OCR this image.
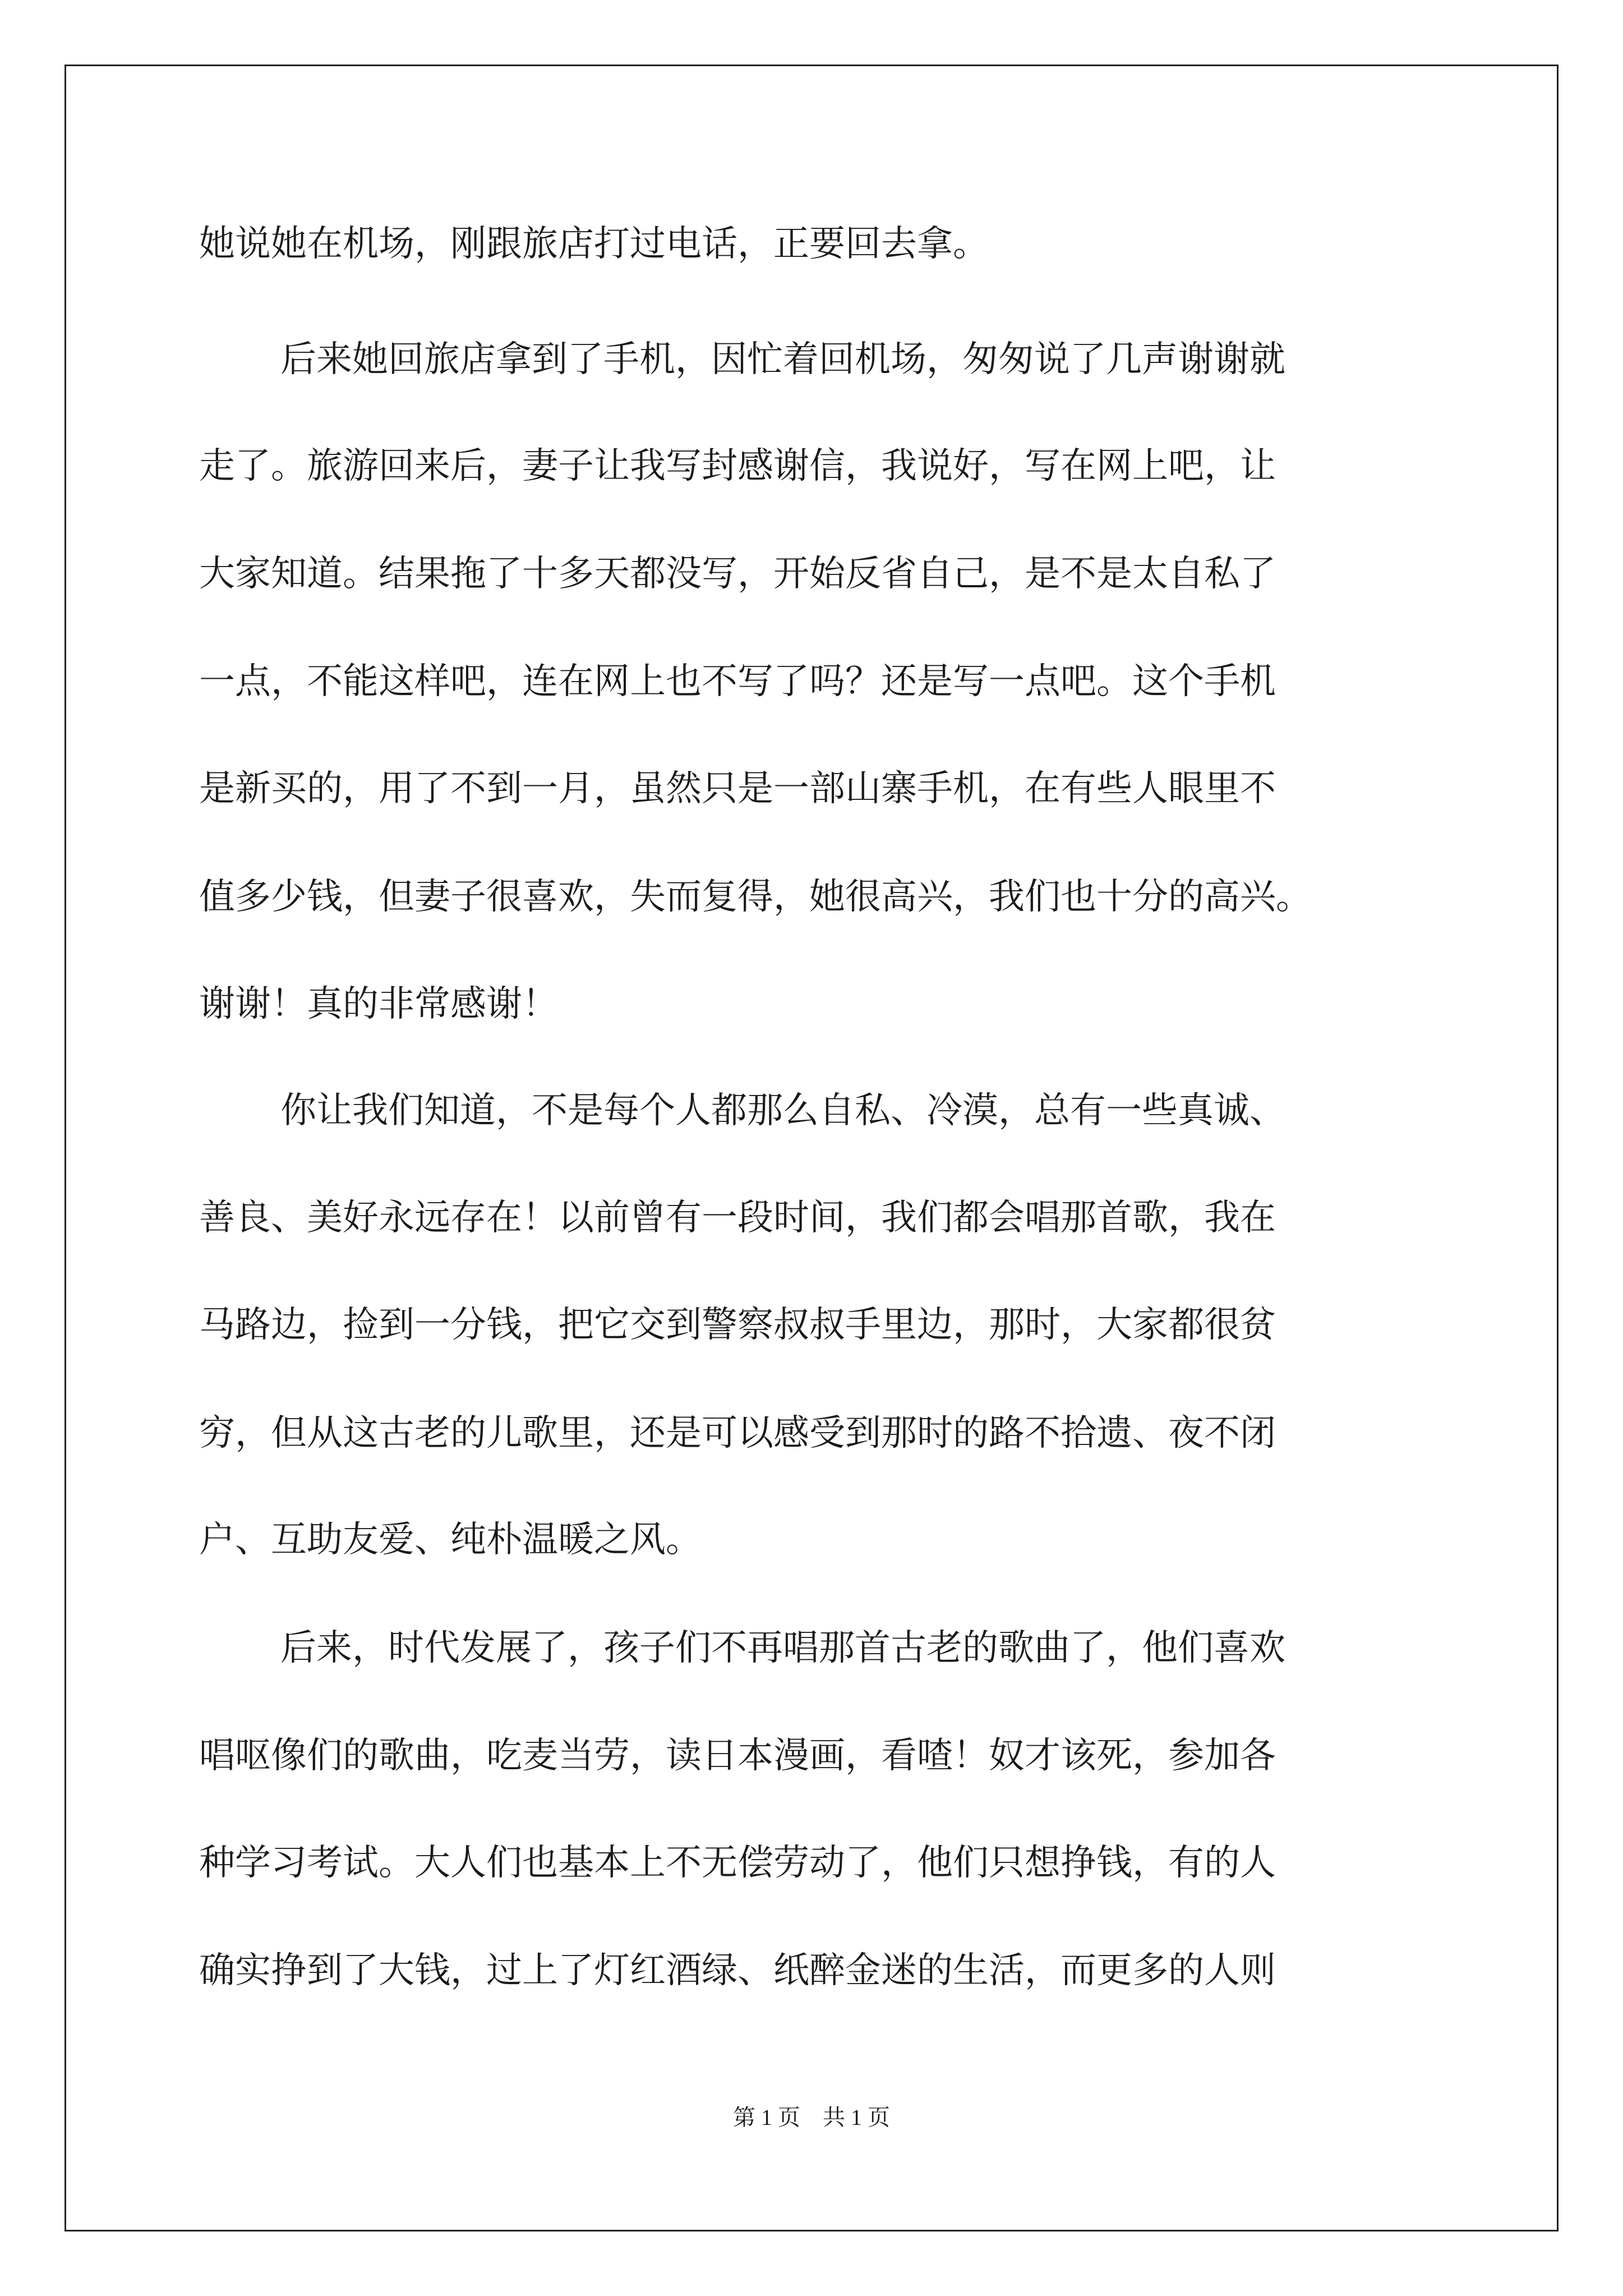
她说她在机场，刚跟旅店打过电话，正要回去拿。
后来她回旅店拿到了手机，因忙着回机场，匆匆说了几声谢谢就
走了。旅游回来后，妻子让我写封感谢信，我说好，写在网上吧，让
大家知道。结果拖了十多天都没写，开始反省自己，是不是太自私了
一点，不能这样吧，连在网上也不写了吗？还是写一点吧。这个手机
是新买的，用了不到一月，虽然只是一部山寨手机，在有些人眼里不
值多少钱，但妻子很喜欢，失而复得，她很高兴，我们也十分的高兴。
谢谢！真的非常感谢！
你让我们知道，不是每个人都那么自私、冷漠，总有一些真诚、
善良、美好永远存在！以前曾有一段时间，我们都会唱那首歌，我在
马路边，捡到一分钱，把它交到警察叔叔手里边，那时，大家都很贫
穷，但从这古老的儿歌里，还是可以感受到那时的路不拾遗、夜不闭
户、互助友爱、纯朴温暖之风。
后来，时代发展了，孩子们不再唱那首古老的歌曲了，他们喜欢
唱呕像们的歌曲，吃麦当劳，读日本漫画，看喳！奴才该死，参加各
种学习考试。大人们也基本上不无偿劳动了，他们只想挣钱，有的人
确实挣到了大钱，过上了灯红酒绿、纸醉金迷的生活，而更多的人则
第 1 页　共 1 页
